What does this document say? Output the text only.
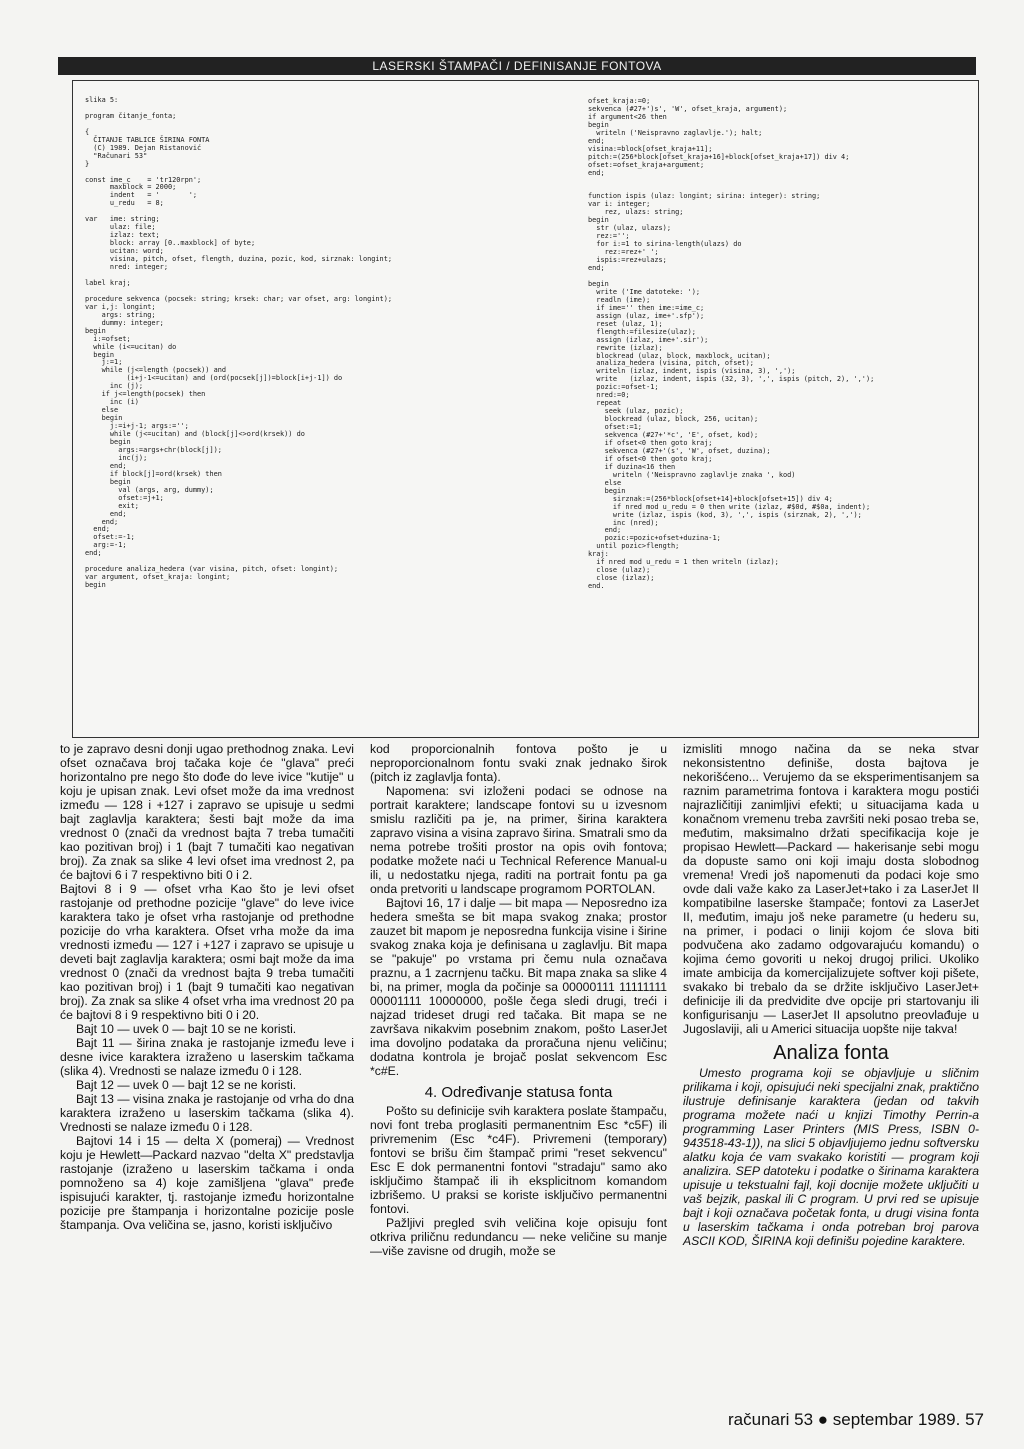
LASERSKI ŠTAMPAČI / DEFINISANJE FONTOVA
slika 5:

program čitanje_fonta;

{
ČITANJE TABLICE ŠIRINA FONTA
(C) 1989. Dejan Ristanović
"Računari 53"
}

const ime_c    = 'tr120rpn';
maxblock = 2000;
indent   = '       ';
u_redu   = 8;

var   ime: string;
ulaz: file;
izlaz: text;
block: array [0..maxblock] of byte;
ucitan: word;
visina, pitch, ofset, flength, duzina, pozic, kod, sirznak: longint;
nred: integer;

label kraj;

procedure sekvenca (pocsek: string; krsek: char; var ofset, arg: longint);
var i,j: longint;
args: string;
dummy: integer;
begin
i:=ofset;
while (i<=ucitan) do
begin
j:=1;
while (j<=length (pocsek)) and
(i+j-1<=ucitan) and (ord(pocsek[j])=block[i+j-1]) do
inc (j);
if j<=length(pocsek) then
inc (i)
else
begin
j:=i+j-1; args:='';
while (j<=ucitan) and (block[j]<>ord(krsek)) do
begin
args:=args+chr(block[j]);
inc(j);
end;
if block[j]=ord(krsek) then
begin
val (args, arg, dummy);
ofset:=j+1;
exit;
end;
end;
end;
ofset:=-1;
arg:=-1;
end;

procedure analiza_hedera (var visina, pitch, ofset: longint);
var argument, ofset_kraja: longint;
begin
ofset_kraja:=0;
sekvenca (#27+')s', 'W', ofset_kraja, argument);
if argument<26 then
begin
writeln ('Neispravno zaglavlje.'); halt;
end;
visina:=block[ofset_kraja+11];
pitch:=(256*block[ofset_kraja+16]+block[ofset_kraja+17]) div 4;
ofset:=ofset_kraja+argument;
end;

function ispis (ulaz: longint; sirina: integer): string;
var i: integer;
rez, ulazs: string;
begin
str (ulaz, ulazs);
rez:='';
for i:=1 to sirina-length(ulazs) do
rez:=rez+' ';
ispis:=rez+ulazs;
end;

begin
write ('Ime datoteke: ');
readln (ime);
if ime='' then ime:=ime_c;
assign (ulaz, ime+'.sfp');
reset (ulaz, 1);
flength:=filesize(ulaz);
assign (izlaz, ime+'.sir');
rewrite (izlaz);
blockread (ulaz, block, maxblock, ucitan);
analiza_hedera (visina, pitch, ofset);
writeln (izlaz, indent, ispis (visina, 3), ',');
write   (izlaz, indent, ispis (32, 3), ',', ispis (pitch, 2), ',');
pozic:=ofset-1;
nred:=0;
repeat
seek (ulaz, pozic);
blockread (ulaz, block, 256, ucitan);
ofset:=1;
sekvenca (#27+'*c', 'E', ofset, kod);
if ofset<0 then goto kraj;
sekvenca (#27+'(s', 'W', ofset, duzina);
if ofset<0 then goto kraj;
if duzina<16 then
writeln ('Neispravno zaglavlje znaka ', kod)
else
begin
sirznak:=(256*block[ofset+14]+block[ofset+15]) div 4;
if nred mod u_redu = 0 then write (izlaz, #$0d, #$0a, indent);
write (izlaz, ispis (kod, 3), ',', ispis (sirznak, 2), ',');
inc (nred);
end;
pozic:=pozic+ofset+duzina-1;
until pozic>flength;
kraj:
if nred mod u_redu = 1 then writeln (izlaz);
close (ulaz);
close (izlaz);
end.

to je zapravo desni donji ugao prethodnog znaka. Levi ofset označava broj tačaka koje će "glava" preći horizontalno pre nego što dođe do leve ivice "kutije" u koju je upisan znak. Levi ofset može da ima vrednost između — 128 i +127 i zapravo se upisuje u sedmi bajt zaglavlja karaktera; šesti bajt može da ima vrednost 0 (znači da vrednost bajta 7 treba tumačiti kao pozitivan broj) i 1 (bajt 7 tumačiti kao negativan broj). Za znak sa slike 4 levi ofset ima vrednost 2, pa će bajtovi 6 i 7 respektivno biti 0 i 2.

Bajtovi 8 i 9 — ofset vrha Kao što je levi ofset rastojanje od prethodne pozicije "glave" do leve ivice karaktera tako je ofset vrha rastojanje od prethodne pozicije do vrha karaktera. Ofset vrha može da ima vrednosti između — 127 i +127 i zapravo se upisuje u deveti bajt zaglavlja karaktera; osmi bajt može da ima vrednost 0 (znači da vrednost bajta 9 treba tumačiti kao pozitivan broj) i 1 (bajt 9 tumačiti kao negativan broj). Za znak sa slike 4 ofset vrha ima vrednost 20 pa će bajtovi 8 i 9 respektivno biti 0 i 20.

Bajt 10 — uvek 0 — bajt 10 se ne koristi.

Bajt 11 — širina znaka je rastojanje između leve i desne ivice karaktera izraženo u laserskim tačkama (slika 4). Vrednosti se nalaze između 0 i 128.

Bajt 12 — uvek 0 — bajt 12 se ne koristi.

Bajt 13 — visina znaka je rastojanje od vrha do dna karaktera izraženo u laserskim tačkama (slika 4). Vrednosti se nalaze između 0 i 128.

Bajtovi 14 i 15 — delta X (pomeraj) — Vrednost koju je Hewlett—Packard nazvao "delta X" predstavlja rastojanje (izraženo u laserskim tačkama i onda pomnoženo sa 4) koje zamišljena "glava" pređe ispisujući karakter, tj. rastojanje između horizontalne pozicije pre štampanja i horizontalne pozicije posle štampanja. Ova veličina se, jasno, koristi isključivo

kod proporcionalnih fontova pošto je u neproporcionalnom fontu svaki znak jednako širok (pitch iz zaglavlja fonta).

Napomena: svi izloženi podaci se odnose na portrait karaktere; landscape fontovi su u izvesnom smislu različiti pa je, na primer, širina karaktera zapravo visina a visina zapravo širina. Smatrali smo da nema potrebe trošiti prostor na opis ovih fontova; podatke možete naći u Technical Reference Manual-u ili, u nedostatku njega, raditi na portrait fontu pa ga onda pretvoriti u landscape programom PORTOLAN.

Bajtovi 16, 17 i dalje — bit mapa — Neposredno iza hedera smešta se bit mapa svakog znaka; prostor zauzet bit mapom je neposredna funkcija visine i širine svakog znaka koja je definisana u zaglavlju. Bit mapa se "pakuje" po vrstama pri čemu nula označava praznu, a 1 zacrnjenu tačku. Bit mapa znaka sa slike 4 bi, na primer, mogla da počinje sa 00000111 11111111 00001111 10000000, pošle čega sledi drugi, treći i najzad trideset drugi red tačaka. Bit mapa se ne završava nikakvim posebnim znakom, pošto LaserJet ima dovoljno podataka da proračuna njenu veličinu; dodatna kontrola je brojač poslat sekvencom Esc *c#E.

4. Određivanje statusa fonta

Pošto su definicije svih karaktera poslate štampaču, novi font treba proglasiti permanentnim Esc *c5F) ili privremenim (Esc *c4F). Privremeni (temporary) fontovi se brišu čim štampač primi "reset sekvencu" Esc E dok permanentni fontovi "stradaju" samo ako isključimo štampač ili ih eksplicitnom komandom izbrišemo. U praksi se koriste isključivo permanentni fontovi.

Pažljivi pregled svih veličina koje opisuju font otkriva priličnu redundancu — neke veličine su manje—više zavisne od drugih, može se

izmisliti mnogo načina da se neka stvar nekonsistentno definiše, dosta bajtova je nekorišćeno... Verujemo da se eksperimentisanjem sa raznim parametrima fontova i karaktera mogu postići najrazličitiji zanimljivi efekti; u situacijama kada u konačnom vremenu treba završiti neki posao treba se, međutim, maksimalno držati specifikacija koje je propisao Hewlett—Packard — hakerisanje sebi mogu da dopuste samo oni koji imaju dosta slobodnog vremena! Vredi još napomenuti da podaci koje smo ovde dali važe kako za LaserJet+tako i za LaserJet II kompatibilne laserske štampače; fontovi za LaserJet II, međutim, imaju još neke parametre (u hederu su, na primer, i podaci o liniji kojom će slova biti podvučena ako zadamo odgovarajuću komandu) o kojima ćemo govoriti u nekoj drugoj prilici. Ukoliko imate ambicija da komercijalizujete softver koji pišete, svakako bi trebalo da se držite isključivo LaserJet+ definicije ili da predvidite dve opcije pri startovanju ili konfigurisanju — LaserJet II apsolutno preovlađuje u Jugoslaviji, ali u Americi situacija uopšte nije takva!

Analiza fonta

Umesto programa koji se objavljuje u sličnim prilikama i koji, opisujući neki specijalni znak, praktično ilustruje definisanje karaktera (jedan od takvih programa možete naći u knjizi Timothy Perrin-a programming Laser Printers (MIS Press, ISBN 0-943518-43-1)), na slici 5 objavljujemo jednu softversku alatku koja će vam svakako koristiti — program koji analizira. SEP datoteku i podatke o širinama karaktera upisuje u tekstualni fajl, koji docnije možete uključiti u vaš bejzik, paskal ili C program. U prvi red se upisuje bajt i koji označava početak fonta, u drugi visina fonta u laserskim tačkama i onda potreban broj parova ASCII KOD, ŠIRINA koji definišu pojedine karaktere.

računari 53 ● septembar 1989. 57
